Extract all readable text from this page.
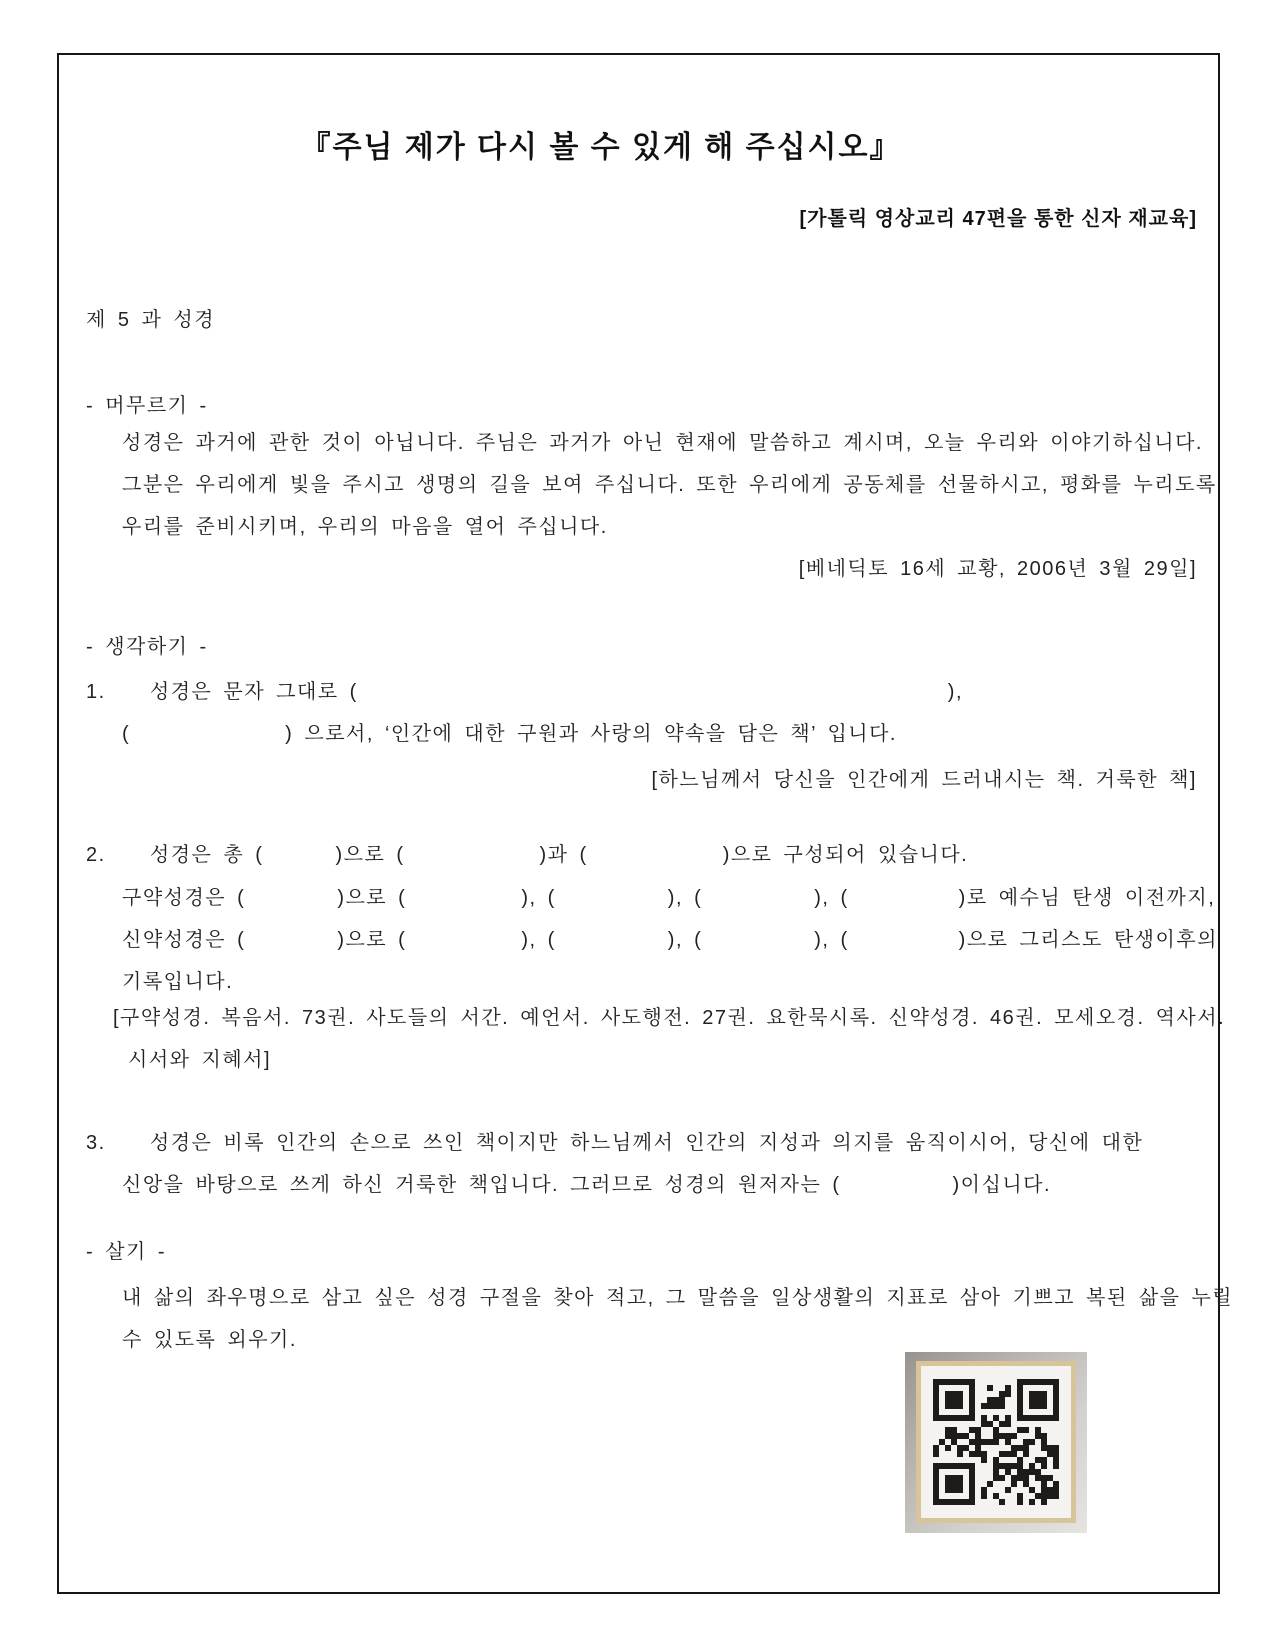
『주님 제가 다시 볼 수 있게 해 주십시오』
[가톨릭 영상교리 47편을 통한 신자 재교육]
제 5 과 성경
- 머무르기 -
성경은 과거에 관한 것이 아닙니다. 주님은 과거가 아닌 현재에 말씀하고 계시며, 오늘 우리와 이야기하십니다.
그분은 우리에게 빛을 주시고 생명의 길을 보여 주십니다. 또한 우리에게 공동체를 선물하시고, 평화를 누리도록
우리를 준비시키며, 우리의 마음을 열어 주십니다.
[베네딕토 16세 교황, 2006년 3월 29일]
- 생각하기 -
1.    성경은 문자 그대로 (	),
(	) 으로서, ‘인간에 대한 구원과 사랑의 약속을 담은 책’ 입니다.
[하느님께서 당신을 인간에게 드러내시는 책. 거룩한 책]
2.    성경은 총 (	)으로 (	)과 (	)으로 구성되어 있습니다.
구약성경은 (	)으로 (	), (	), (	), (	)로 예수님 탄생 이전까지,
신약성경은 (	)으로 (	), (	), (	), (	)으로 그리스도 탄생이후의
기록입니다.
[구약성경. 복음서. 73권. 사도들의 서간. 예언서. 사도행전. 27권. 요한묵시록. 신약성경. 46권. 모세오경. 역사서.
시서와 지혜서]
3.    성경은 비록 인간의 손으로 쓰인 책이지만 하느님께서 인간의 지성과 의지를 움직이시어, 당신에 대한
신앙을 바탕으로 쓰게 하신 거룩한 책입니다. 그러므로 성경의 원저자는 (	)이십니다.
- 살기 -
내 삶의 좌우명으로 삼고 싶은 성경 구절을 찾아 적고, 그 말씀을 일상생활의 지표로 삼아 기쁘고 복된 삶을 누릴
수 있도록 외우기.
